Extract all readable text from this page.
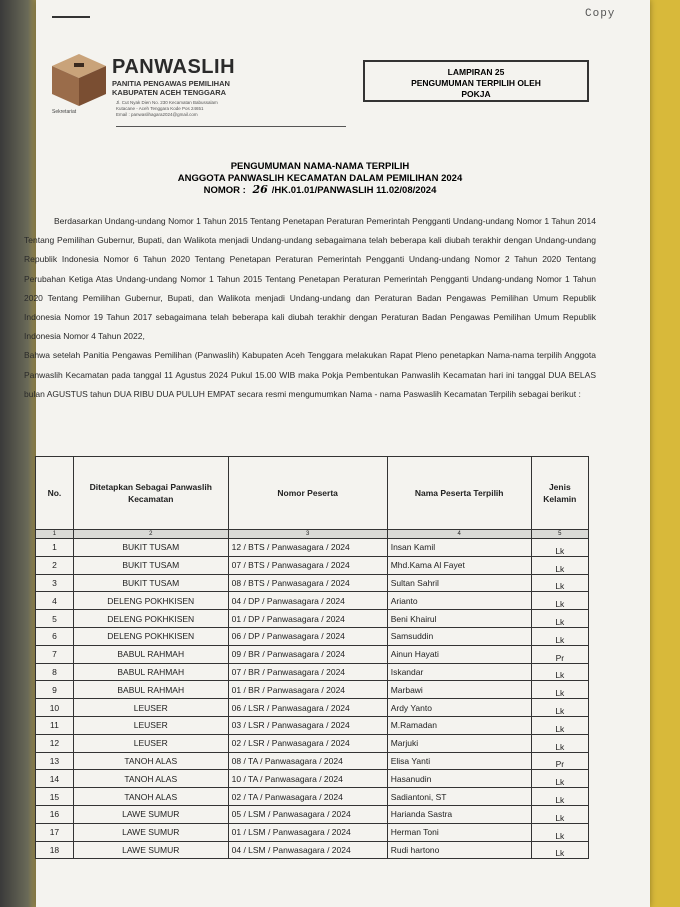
Copy
Sekretariat
PANWASLIH
PANITIA PENGAWAS PEMILIHAN
KABUPATEN ACEH TENGGARA
Jl. Cut Nyak Dien No. 230 Kecamatan Babussalam
Kutacane - Aceh Tenggara Kode Pos 24651
Email : panwaslihagara2024@gmail.com
LAMPIRAN 25
PENGUMUMAN TERPILIH OLEH
POKJA
PENGUMUMAN NAMA-NAMA TERPILIH
ANGGOTA PANWASLIH KECAMATAN DALAM PEMILIHAN 2024
NOMOR : 26 /HK.01.01/PANWASLIH 11.02/08/2024

Berdasarkan Undang-undang Nomor 1 Tahun 2015 Tentang Penetapan Peraturan Pemerintah Pengganti Undang-undang Nomor 1 Tahun 2014 Tentang Pemilihan Gubernur, Bupati, dan Walikota menjadi Undang-undang sebagaimana telah beberapa kali diubah terakhir dengan Undang-undang Republik Indonesia Nomor 6 Tahun 2020 Tentang Penetapan Peraturan Pemerintah Pengganti Undang-undang Nomor 2 Tahun 2020 Tentang Perubahan Ketiga Atas Undang-undang Nomor 1 Tahun 2015 Tentang Penetapan Peraturan Pemerintah Pengganti Undang-undang Nomor 1 Tahun 2020 Tentang Pemilihan Gubernur, Bupati, dan Walikota menjadi Undang-undang dan Peraturan Badan Pengawas Pemilihan Umum Republik Indonesia Nomor 19 Tahun 2017 sebagaimana telah beberapa kali diubah terakhir dengan Peraturan Badan Pengawas Pemilihan Umum Republik Indonesia Nomor 4 Tahun 2022,

Bahwa setelah Panitia Pengawas Pemilihan (Panwaslih) Kabupaten Aceh Tenggara melakukan Rapat Pleno penetapkan Nama-nama terpilih Anggota Panwaslih Kecamatan pada tanggal 11 Agustus 2024 Pukul 15.00 WIB maka Pokja Pembentukan Panwaslih Kecamatan hari ini tanggal DUA BELAS bulan AGUSTUS tahun DUA RIBU DUA PULUH EMPAT secara resmi mengumumkan Nama - nama Paswaslih Kecamatan Terpilih sebagai berikut :

No.	Ditetapkan Sebagai Panwaslih Kecamatan	Nomor Peserta	Nama Peserta Terpilih	Jenis Kelamin
1	2	3	4	5
1	BUKIT TUSAM	12 / BTS / Panwasagara / 2024	Insan Kamil	Lk
2	BUKIT TUSAM	07 / BTS / Panwasagara / 2024	Mhd.Kama Al Fayet	Lk
3	BUKIT TUSAM	08 / BTS / Panwasagara / 2024	Sultan Sahril	Lk
4	DELENG POKHKISEN	04 / DP / Panwasagara / 2024	Arianto	Lk
5	DELENG POKHKISEN	01 / DP / Panwasagara / 2024	Beni Khairul	Lk
6	DELENG POKHKISEN	06 / DP / Panwasagara / 2024	Samsuddin	Lk
7	BABUL RAHMAH	09 / BR / Panwasagara / 2024	Ainun Hayati	Pr
8	BABUL RAHMAH	07 / BR / Panwasagara / 2024	Iskandar	Lk
9	BABUL RAHMAH	01 / BR / Panwasagara / 2024	Marbawi	Lk
10	LEUSER	06 / LSR / Panwasagara / 2024	Ardy Yanto	Lk
11	LEUSER	03 / LSR / Panwasagara / 2024	M.Ramadan	Lk
12	LEUSER	02 / LSR / Panwasagara / 2024	Marjuki	Lk
13	TANOH ALAS	08 / TA / Panwasagara / 2024	Elisa Yanti	Pr
14	TANOH ALAS	10 / TA / Panwasagara / 2024	Hasanudin	Lk
15	TANOH ALAS	02 / TA / Panwasagara / 2024	Sadiantoni, ST	Lk
16	LAWE SUMUR	05 / LSM / Panwasagara / 2024	Harianda Sastra	Lk
17	LAWE SUMUR	01 / LSM / Panwasagara / 2024	Herman Toni	Lk
18	LAWE SUMUR	04 / LSM / Panwasagara / 2024	Rudi hartono	Lk
